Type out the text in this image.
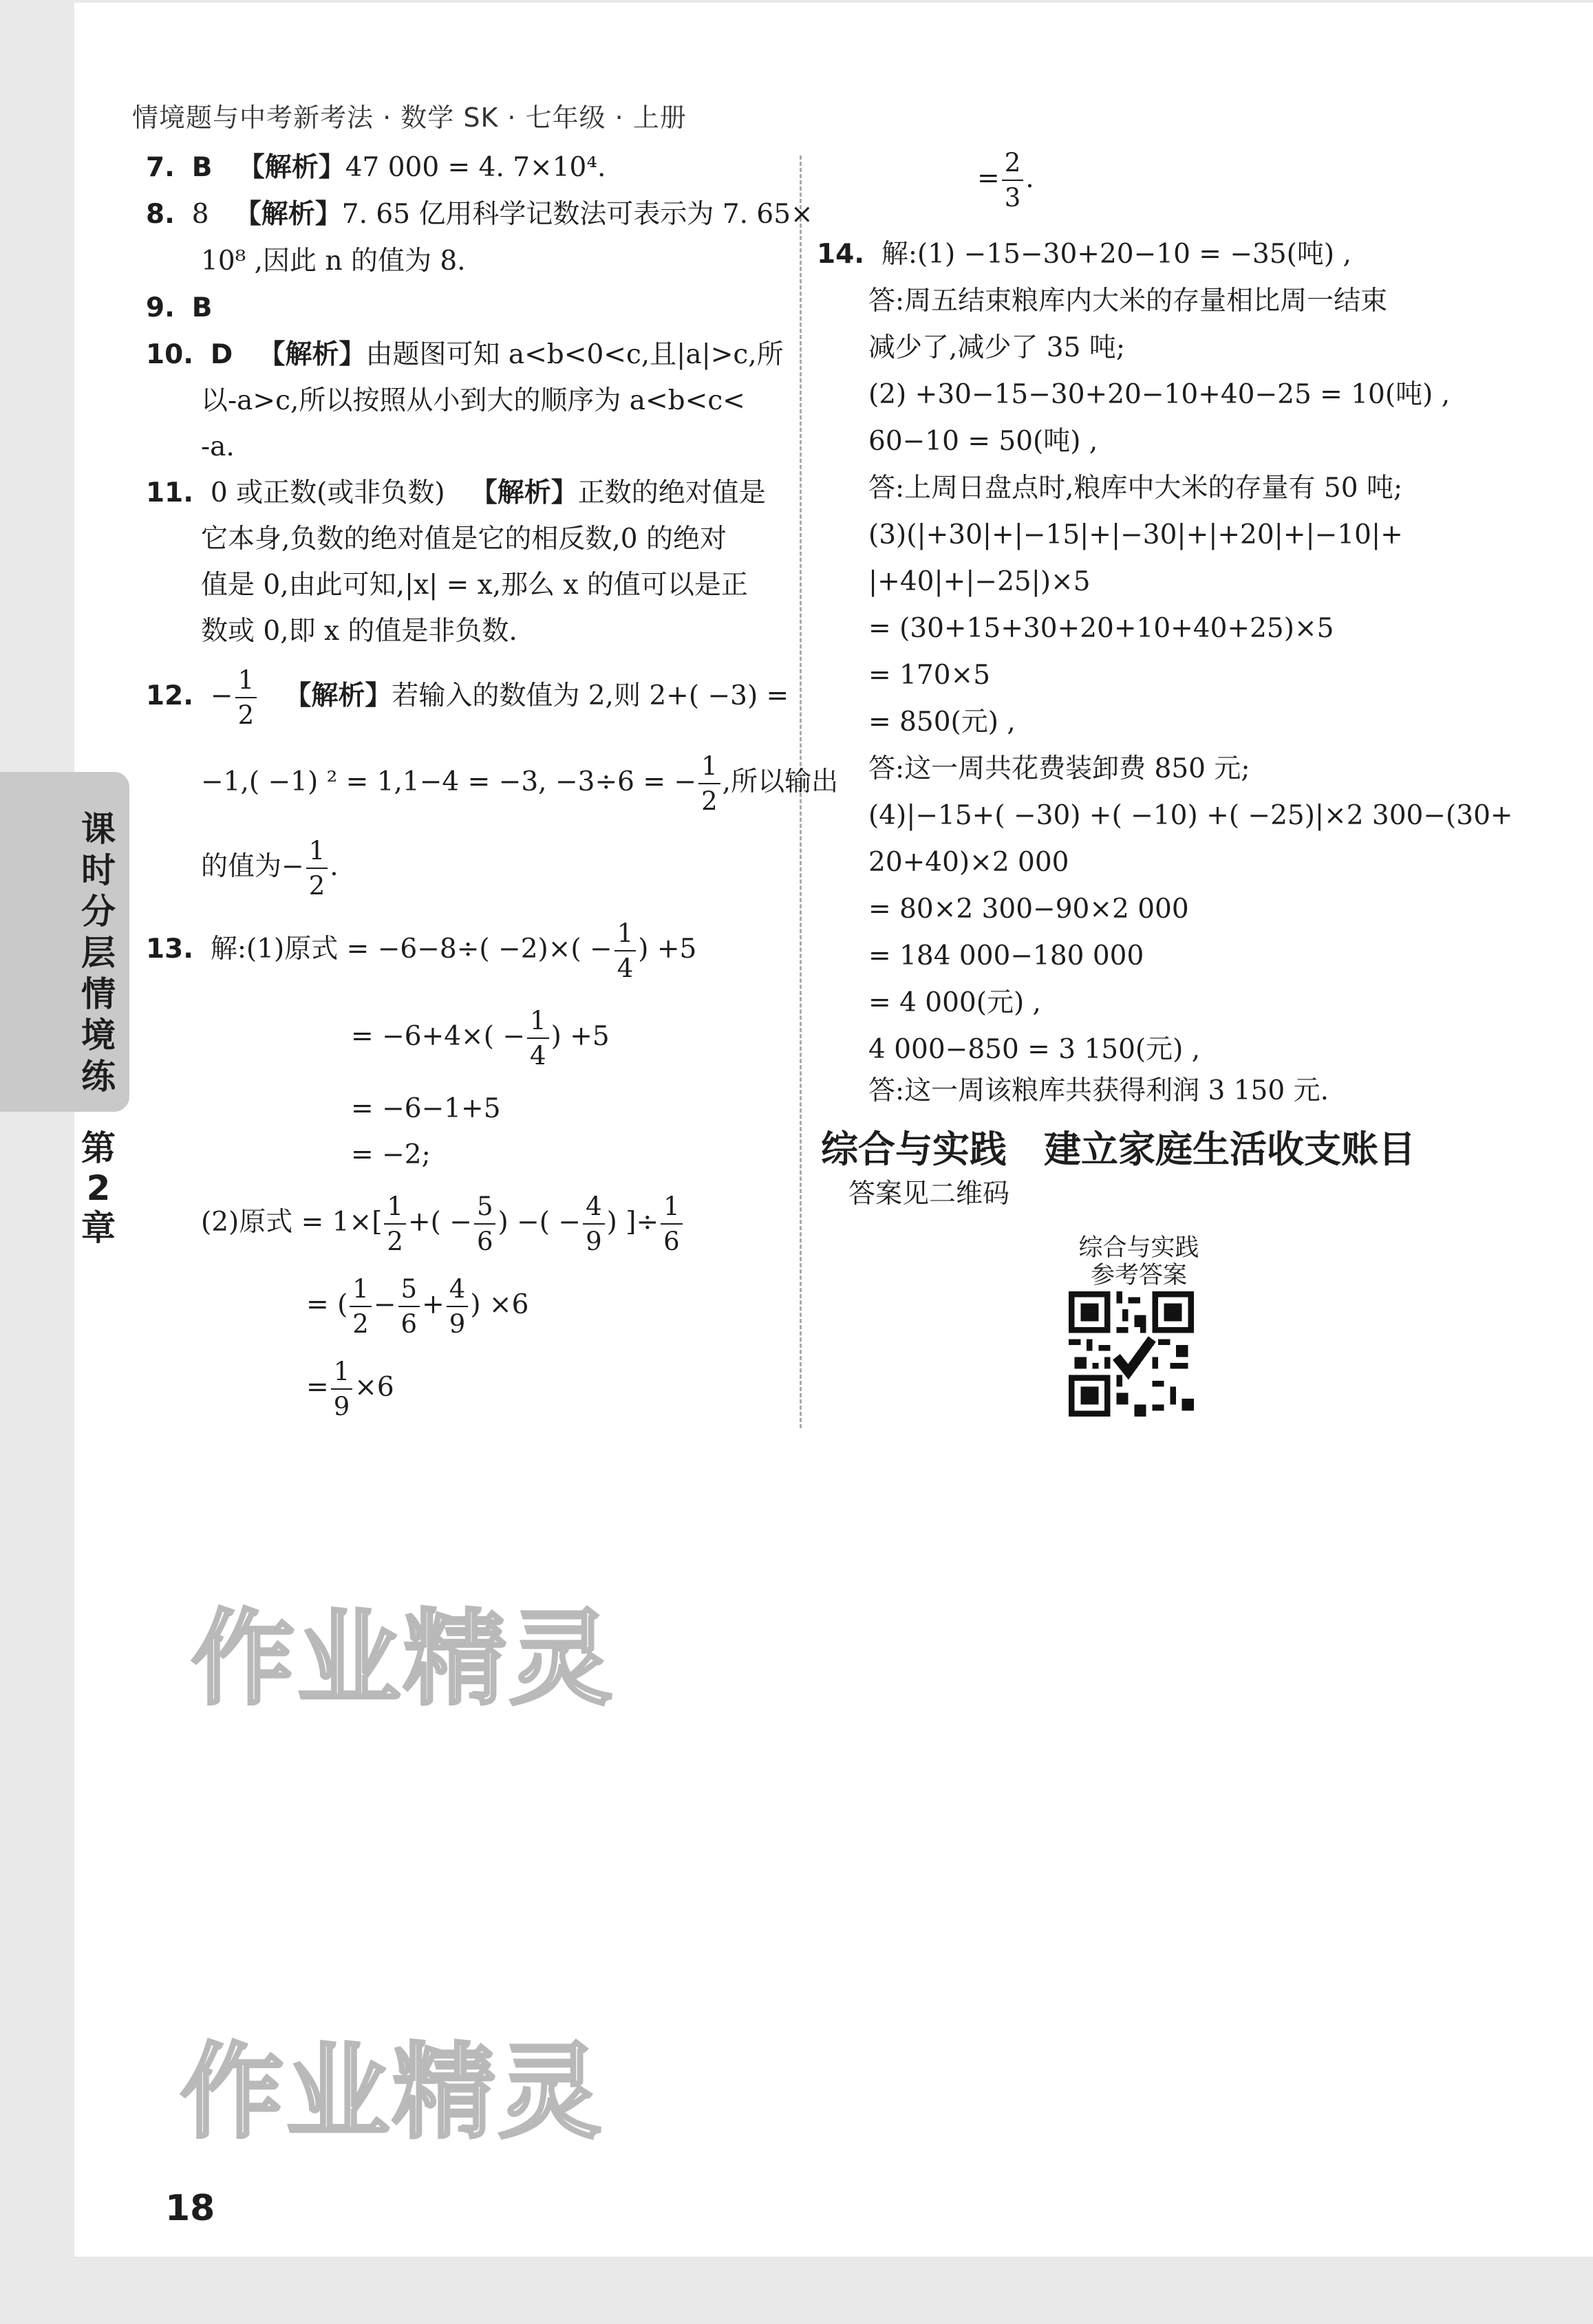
情境题与中考新考法 · 数学 SK · 七年级 · 上册
课时分层情境练
第2章
7. B 【解析】47 000 = 4. 7×10⁴.
8. 8 【解析】7. 65 亿用科学记数法可表示为 7. 65×
10⁸ ,因此 n 的值为 8.
9. B
10. D 【解析】由题图可知 a<b<0<c,且|a|>c,所
以-a>c,所以按照从小到大的顺序为 a<b<c<
-a.
11. 0 或正数(或非负数) 【解析】正数的绝对值是
它本身,负数的绝对值是它的相反数,0 的绝对
值是 0,由此可知,|x| = x,那么 x 的值可以是正
数或 0,即 x 的值是非负数.
12. − $\frac{1}{2}$ 【解析】若输入的数值为 2,则 2+( −3) =
−1,( −1) ² = 1,1−4 = −3, −3÷6 = − $\frac{1}{2}$ ,所以输出
的值为− $\frac{1}{2}$ .
13. 解:(1)原式 = $-6-8\div( -2)\times( - \frac{1}{4}$ ) +5
= $-6+4\times( - \frac{1}{4}$ ) +5
= −6−1+5
= −2;
(2)原式 = $1\times[ \frac{1}{2}$ +( − $\frac{5}{6}$ ) −( − $\frac{4}{9}$ ) ]÷ $\frac{1}{6}$
= ( $\frac{1}{2} - \frac{5}{6} + \frac{4}{9}$ ) ×6
= $\frac{1}{9} \times 6$
= $\frac{2}{3}$ .
14. 解:(1) −15−30+20−10 = −35(吨) ,
答:周五结束粮库内大米的存量相比周一结束
减少了,减少了 35 吨;
(2) +30−15−30+20−10+40−25 = 10(吨) ,
60−10 = 50(吨) ,
答:上周日盘点时,粮库中大米的存量有 50 吨;
(3)(|+30|+|−15|+|−30|+|+20|+|−10|+
|+40|+|−25|)×5
= (30+15+30+20+10+40+25)×5
= 170×5
= 850(元) ,
答:这一周共花费装卸费 850 元;
(4)|−15+( −30) +( −10) +( −25)|×2 300−(30+
20+40)×2 000
= 80×2 300−90×2 000
= 184 000−180 000
= 4 000(元) ,
4 000−850 = 3 150(元) ,
答:这一周该粮库共获得利润 3 150 元.
综合与实践　建立家庭生活收支账目
答案见二维码
综合与实践
参考答案
作业精灵
作业精灵
18
